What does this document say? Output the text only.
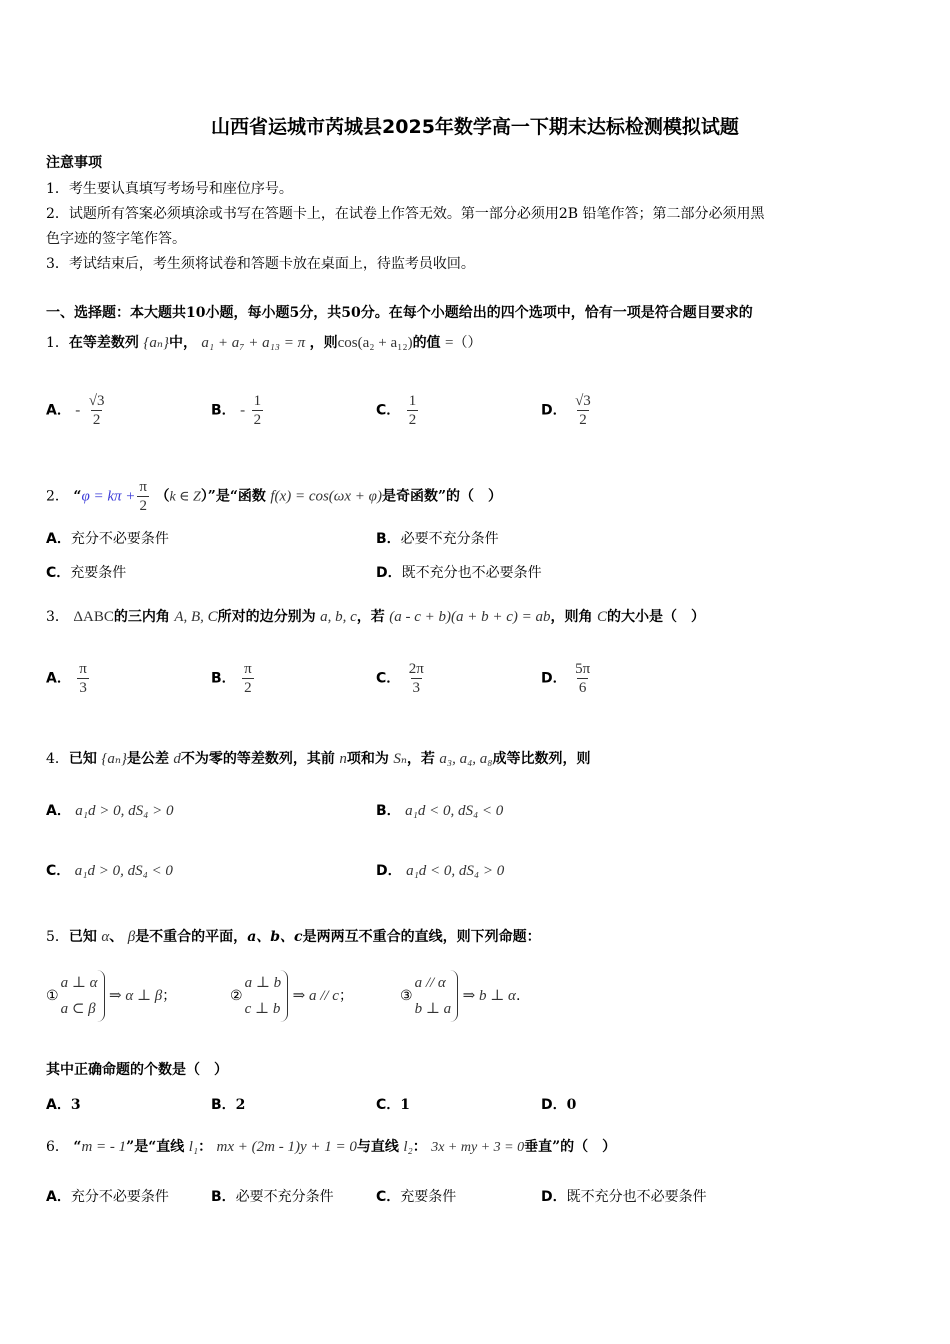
山西省运城市芮城县2025年数学高一下期末达标检测模拟试题
注意事项
1．考生要认真填写考场号和座位序号。
2．试题所有答案必须填涂或书写在答题卡上，在试卷上作答无效。第一部分必须用2B 铅笔作答；第二部分必须用黑
色字迹的签字笔作答。
3．考试结束后，考生须将试卷和答题卡放在桌面上，待监考员收回。
一、选择题：本大题共10小题，每小题5分，共50分。在每个小题给出的四个选项中，恰有一项是符合题目要求的
1．在等差数列 {aₙ}中， a₁ + a₇ + a₁₃ = π ，则cos(a₂ + a₁₂)的值 =（）
A． - $\frac{√3}{2}$	B． - $\frac{1}{2}$	C． $\frac{1}{2}$	D． $\frac{√3}{2}$
2． “$\varphi = k\pi + \frac{\pi}{2} (k$ ∈ Z）”是“函数 f(x) = cos(ωx + φ)是奇函数”的（　）
A．充分不必要条件	B．必要不充分条件
C．充要条件	D．既不充分也不必要条件
3． ΔABC的三内角 A, B, C所对的边分别为 a, b, c，若 (a - c + b)(a + b + c) = ab，则角 C的大小是（　）
A． $\frac{\pi}{3}$	B． $\frac{\pi}{2}$	C． $\frac{2\pi}{3}$	D． $\frac{5\pi}{6}$
4．已知 {aₙ}是公差 d不为零的等差数列，其前 n项和为 Sₙ，若 a₃, a₄, a₈成等比数列，则
A． a₁d > 0, dS₄ > 0	B． a₁d < 0, dS₄ < 0
C． a₁d > 0, dS₄ < 0	D． a₁d < 0, dS₄ > 0
5．已知 α、 β是不重合的平面，a、b、c是两两互不重合的直线，则下列命题：
①
a ⊥ α
a ⊂ β
⇒ α ⊥ β；	②
a ⊥ b
c ⊥ b
⇒ a // c；	③
a // α
b ⊥ a
⇒ b ⊥ α.
其中正确命题的个数是（　）
A．3	B．2	C．1	D．0
6． “m = - 1”是“直线 l₁： mx + (2m - 1)y + 1 = 0与直线 l₂： 3x + my + 3 = 0垂直”的（　）
A．充分不必要条件	B．必要不充分条件	C．充要条件	D．既不充分也不必要条件
